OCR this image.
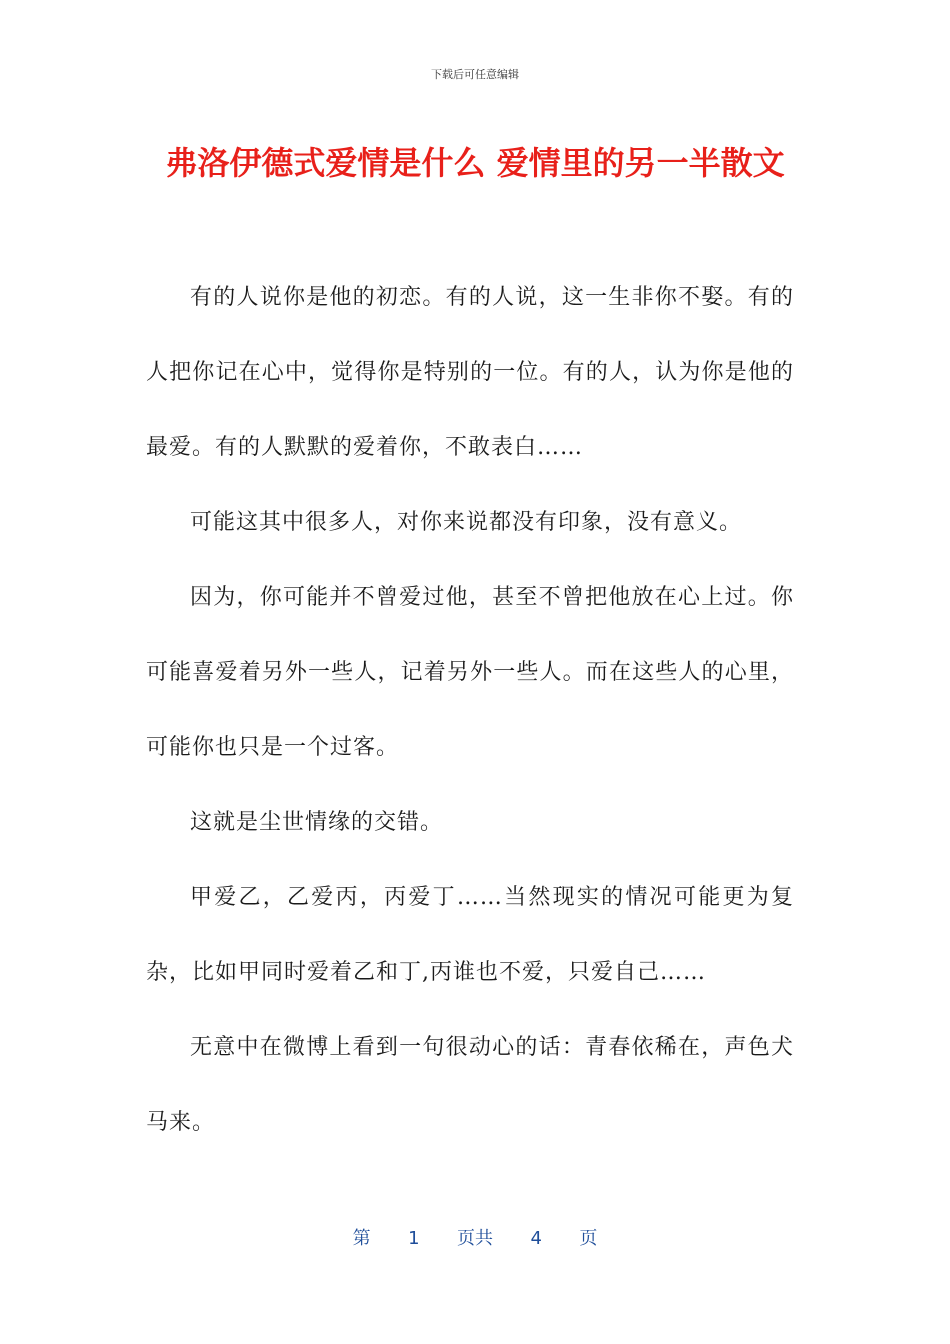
下载后可任意编辑
弗洛伊德式爱情是什么 爱情里的另一半散文

有的人说你是他的初恋。有的人说，这一生非你不娶。有的人把你记在心中，觉得你是特别的一位。有的人，认为你是他的最爱。有的人默默的爱着你，不敢表白……

可能这其中很多人，对你来说都没有印象，没有意义。

因为，你可能并不曾爱过他，甚至不曾把他放在心上过。你可能喜爱着另外一些人，记着另外一些人。而在这些人的心里，可能你也只是一个过客。

这就是尘世情缘的交错。

甲爱乙，乙爱丙，丙爱丁……当然现实的情况可能更为复杂，比如甲同时爱着乙和丁,丙谁也不爱，只爱自己……

无意中在微博上看到一句很动心的话：青春依稀在，声色犬马来。

第 1 页共 4 页
